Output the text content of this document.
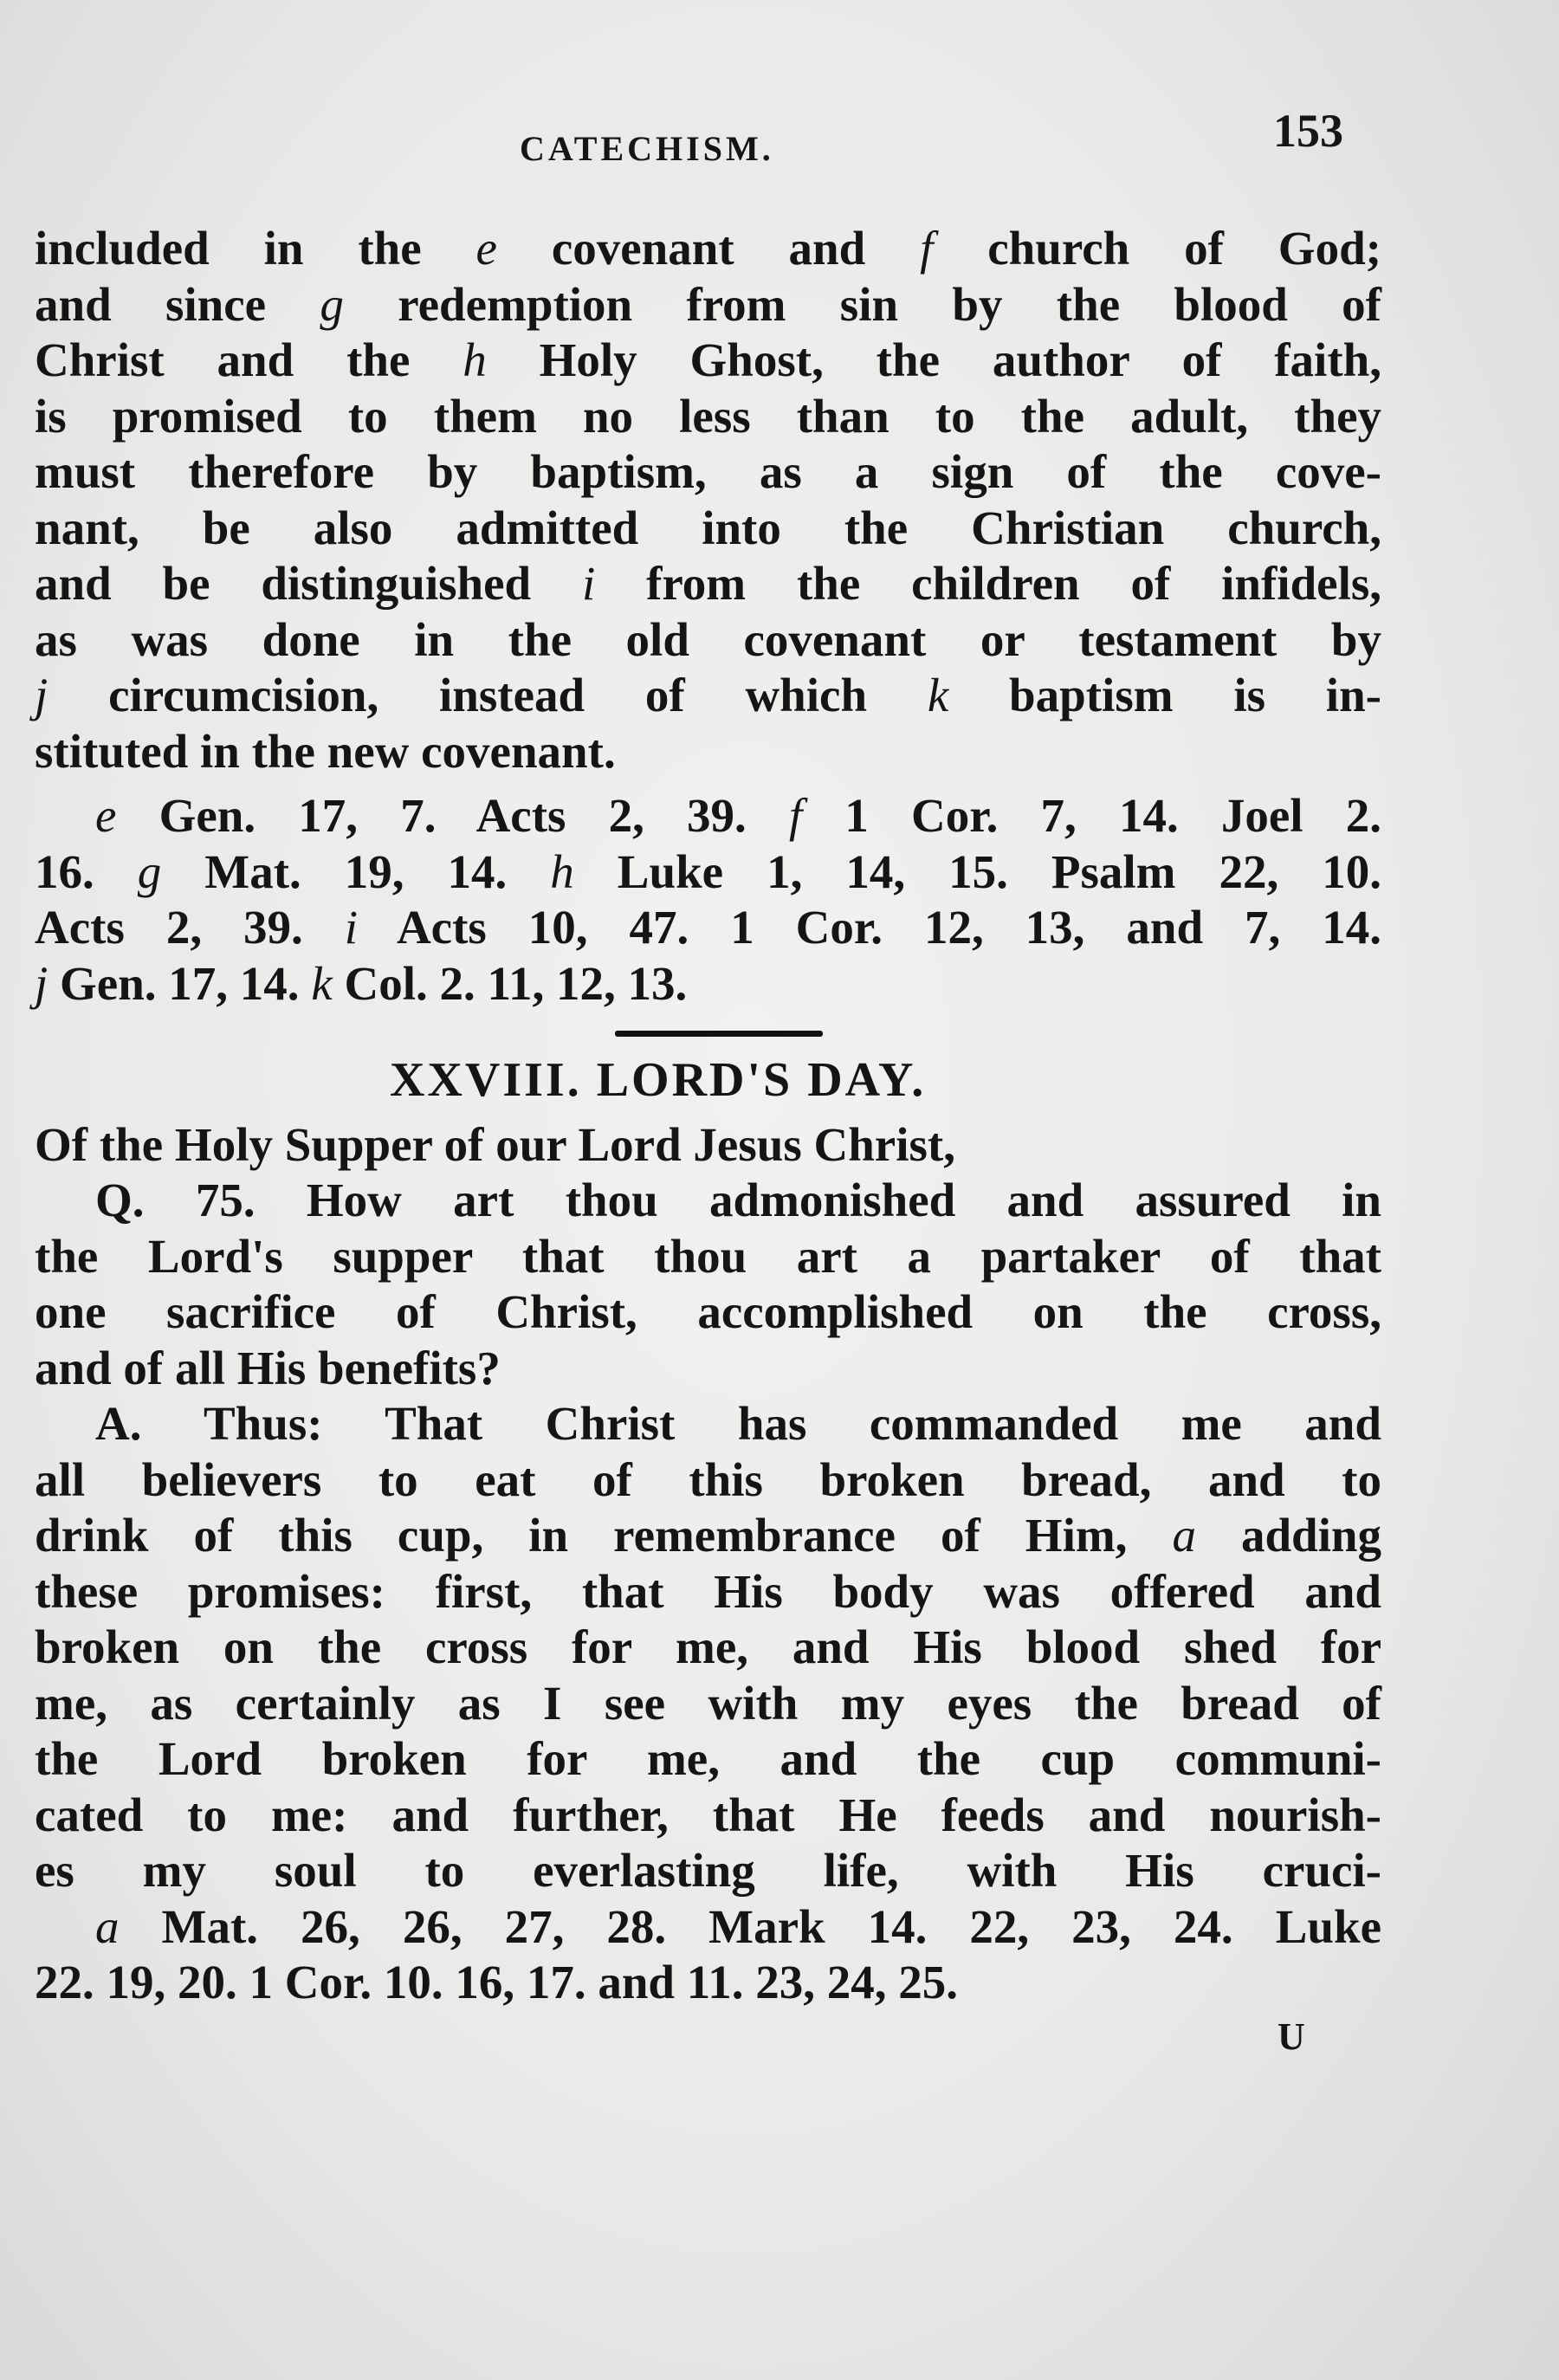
CATECHISM.	153
included in the e covenant and f church of God;
and since g redemption from sin by the blood of
Christ and the h Holy Ghost, the author of faith,
is promised to them no less than to the adult, they
must therefore by baptism, as a sign of the cove-
nant, be also admitted into the Christian church,
and be distinguished i from the children of infidels,
as was done in the old covenant or testament by
j circumcision, instead of which k baptism is in-
stituted in the new covenant.
e Gen. 17, 7. Acts 2, 39. f 1 Cor. 7, 14. Joel 2.
16. g Mat. 19, 14. h Luke 1, 14, 15. Psalm 22, 10.
Acts 2, 39. i Acts 10, 47. 1 Cor. 12, 13, and 7, 14.
j Gen. 17, 14. k Col. 2. 11, 12, 13.
XXVIII. LORD'S DAY.
Of the Holy Supper of our Lord Jesus Christ,
Q. 75. How art thou admonished and assured in
the Lord's supper that thou art a partaker of that
one sacrifice of Christ, accomplished on the cross,
and of all His benefits?
A. Thus: That Christ has commanded me and
all believers to eat of this broken bread, and to
drink of this cup, in remembrance of Him, a adding
these promises: first, that His body was offered and
broken on the cross for me, and His blood shed for
me, as certainly as I see with my eyes the bread of
the Lord broken for me, and the cup communi-
cated to me: and further, that He feeds and nourish-
es my soul to everlasting life, with His cruci-
a Mat. 26, 26, 27, 28. Mark 14. 22, 23, 24. Luke
22. 19, 20. 1 Cor. 10. 16, 17. and 11. 23, 24, 25.
U
